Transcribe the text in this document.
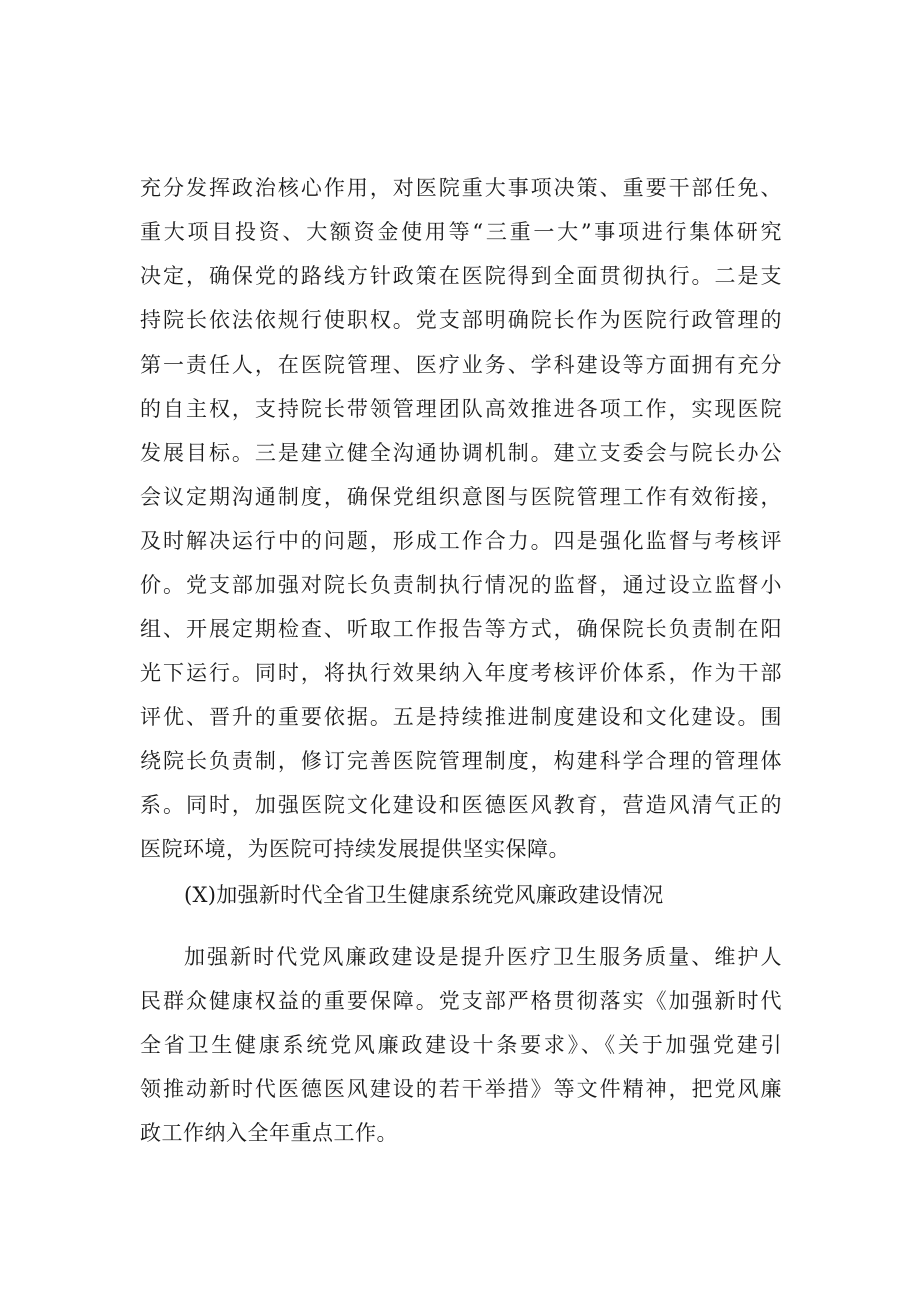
充分发挥政治核心作用，对医院重大事项决策、重要干部任免、
重大项目投资、大额资金使用等“三重一大”事项进行集体研究
决定，确保党的路线方针政策在医院得到全面贯彻执行。二是支
持院长依法依规行使职权。党支部明确院长作为医院行政管理的
第一责任人，在医院管理、医疗业务、学科建设等方面拥有充分
的自主权，支持院长带领管理团队高效推进各项工作，实现医院
发展目标。三是建立健全沟通协调机制。建立支委会与院长办公
会议定期沟通制度，确保党组织意图与医院管理工作有效衔接，
及时解决运行中的问题，形成工作合力。四是强化监督与考核评
价。党支部加强对院长负责制执行情况的监督，通过设立监督小
组、开展定期检查、听取工作报告等方式，确保院长负责制在阳
光下运行。同时，将执行效果纳入年度考核评价体系，作为干部
评优、晋升的重要依据。五是持续推进制度建设和文化建设。围
绕院长负责制，修订完善医院管理制度，构建科学合理的管理体
系。同时，加强医院文化建设和医德医风教育，营造风清气正的
医院环境，为医院可持续发展提供坚实保障。
(X)加强新时代全省卫生健康系统党风廉政建设情况
加强新时代党风廉政建设是提升医疗卫生服务质量、维护人
民群众健康权益的重要保障。党支部严格贯彻落实《加强新时代
全省卫生健康系统党风廉政建设十条要求》、《关于加强党建引
领推动新时代医德医风建设的若干举措》等文件精神，把党风廉
政工作纳入全年重点工作。
